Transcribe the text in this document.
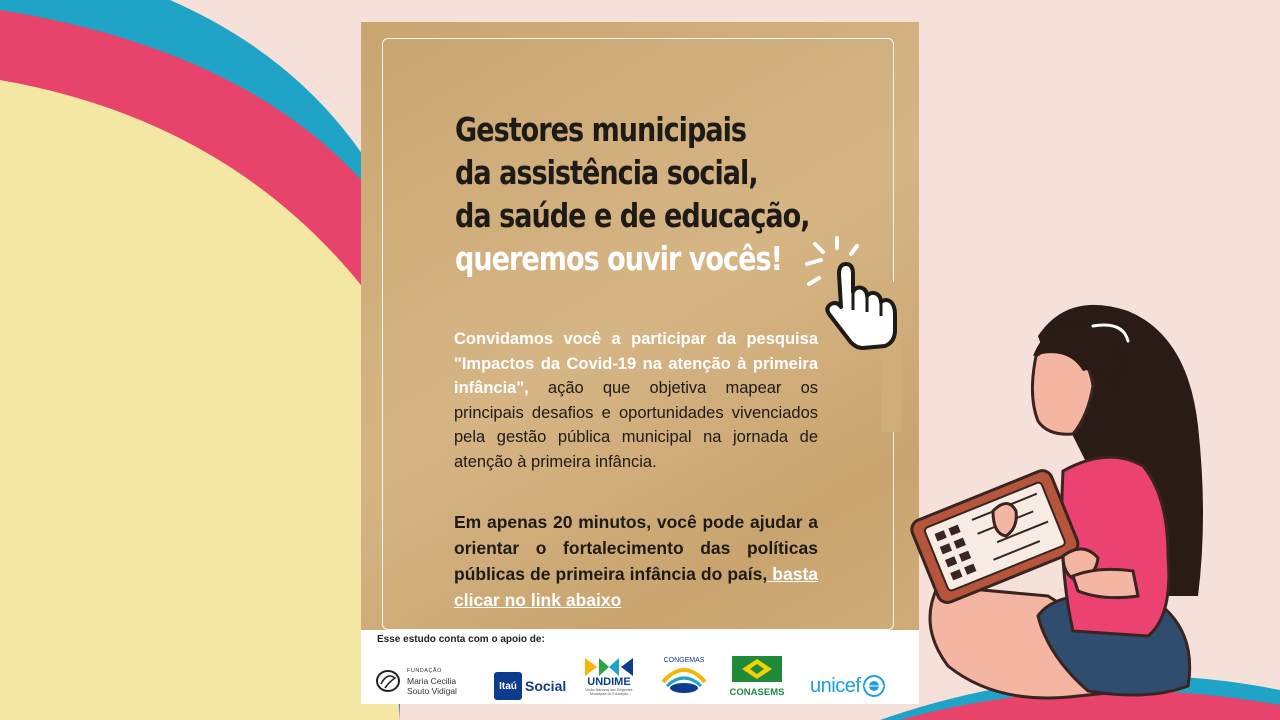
Gestores municipais
da assistência social,
da saúde e de educação,
queremos ouvir vocês!

Convidamos você a participar da pesquisa "Impactos da Covid-19 na atenção à primeira infância", ação que objetiva mapear os principais desafios e oportunidades vivenciados pela gestão pública municipal na jornada de atenção à primeira infância.

Em apenas 20 minutos, você pode ajudar a orientar o fortalecimento das políticas públicas de primeira infância do país, basta clicar no link abaixo

Esse estudo conta com o apoio de:
FUNDAÇÃO
Maria Cecilia
Souto Vidigal	Itaú Social	UNDIME
União Nacional dos Dirigentes Municipais de Educação
CONGEMAS
CONASEMS unicef
